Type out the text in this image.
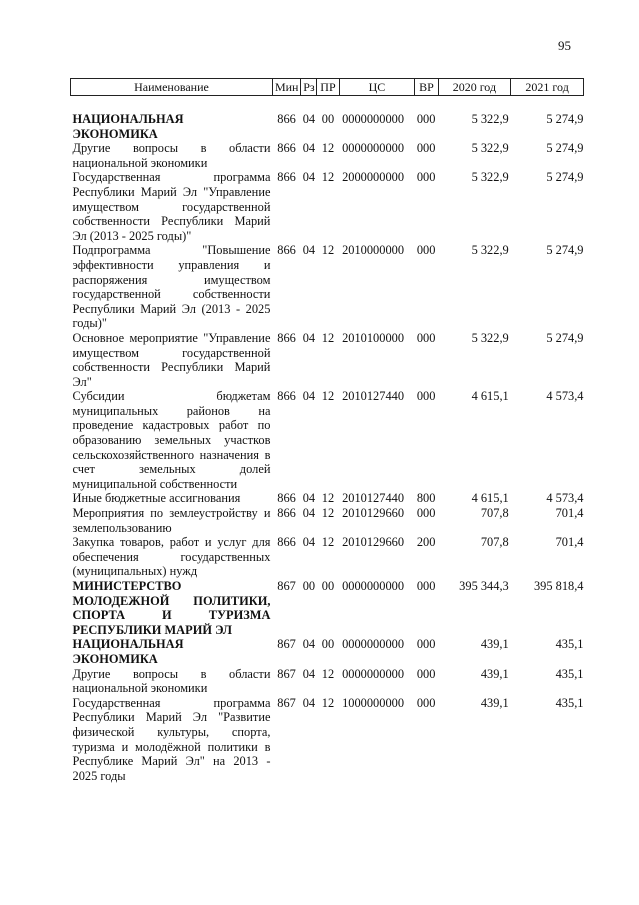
95
Наименование	Мин	Рз	ПР	ЦС	ВР	2020 год	2021 год

НАЦИОНАЛЬНАЯ ЭКОНОМИКА	866	04	00	0000000000	000	5 322,9	5 274,9
Другие вопросы в области национальной экономики	866	04	12	0000000000	000	5 322,9	5 274,9
Государственная программа Республики Марий Эл "Управление имуществом государственной собственности Республики Марий Эл (2013 - 2025 годы)"	866	04	12	2000000000	000	5 322,9	5 274,9
Подпрограмма "Повышение эффективности управления и распоряжения имуществом государственной собственности Республики Марий Эл (2013 - 2025 годы)"	866	04	12	2010000000	000	5 322,9	5 274,9
Основное мероприятие "Управление имуществом государственной собственности Республики Марий Эл"	866	04	12	2010100000	000	5 322,9	5 274,9
Субсидии бюджетам муниципальных районов на проведение кадастровых работ по образованию земельных участков сельскохозяйственного назначения в счет земельных долей муниципальной собственности	866	04	12	2010127440	000	4 615,1	4 573,4
Иные бюджетные ассигнования	866	04	12	2010127440	800	4 615,1	4 573,4
Мероприятия по землеустройству и землепользованию	866	04	12	2010129660	000	707,8	701,4
Закупка товаров, работ и услуг для обеспечения государственных (муниципальных) нужд	866	04	12	2010129660	200	707,8	701,4
МИНИСТЕРСТВО МОЛОДЕЖНОЙ ПОЛИТИКИ, СПОРТА И ТУРИЗМА РЕСПУБЛИКИ МАРИЙ ЭЛ	867	00	00	0000000000	000	395 344,3	395 818,4
НАЦИОНАЛЬНАЯ ЭКОНОМИКА	867	04	00	0000000000	000	439,1	435,1
Другие вопросы в области национальной экономики	867	04	12	0000000000	000	439,1	435,1
Государственная программа Республики Марий Эл "Развитие физической культуры, спорта, туризма и молодёжной политики в Республике Марий Эл" на 2013 - 2025 годы	867	04	12	1000000000	000	439,1	435,1
